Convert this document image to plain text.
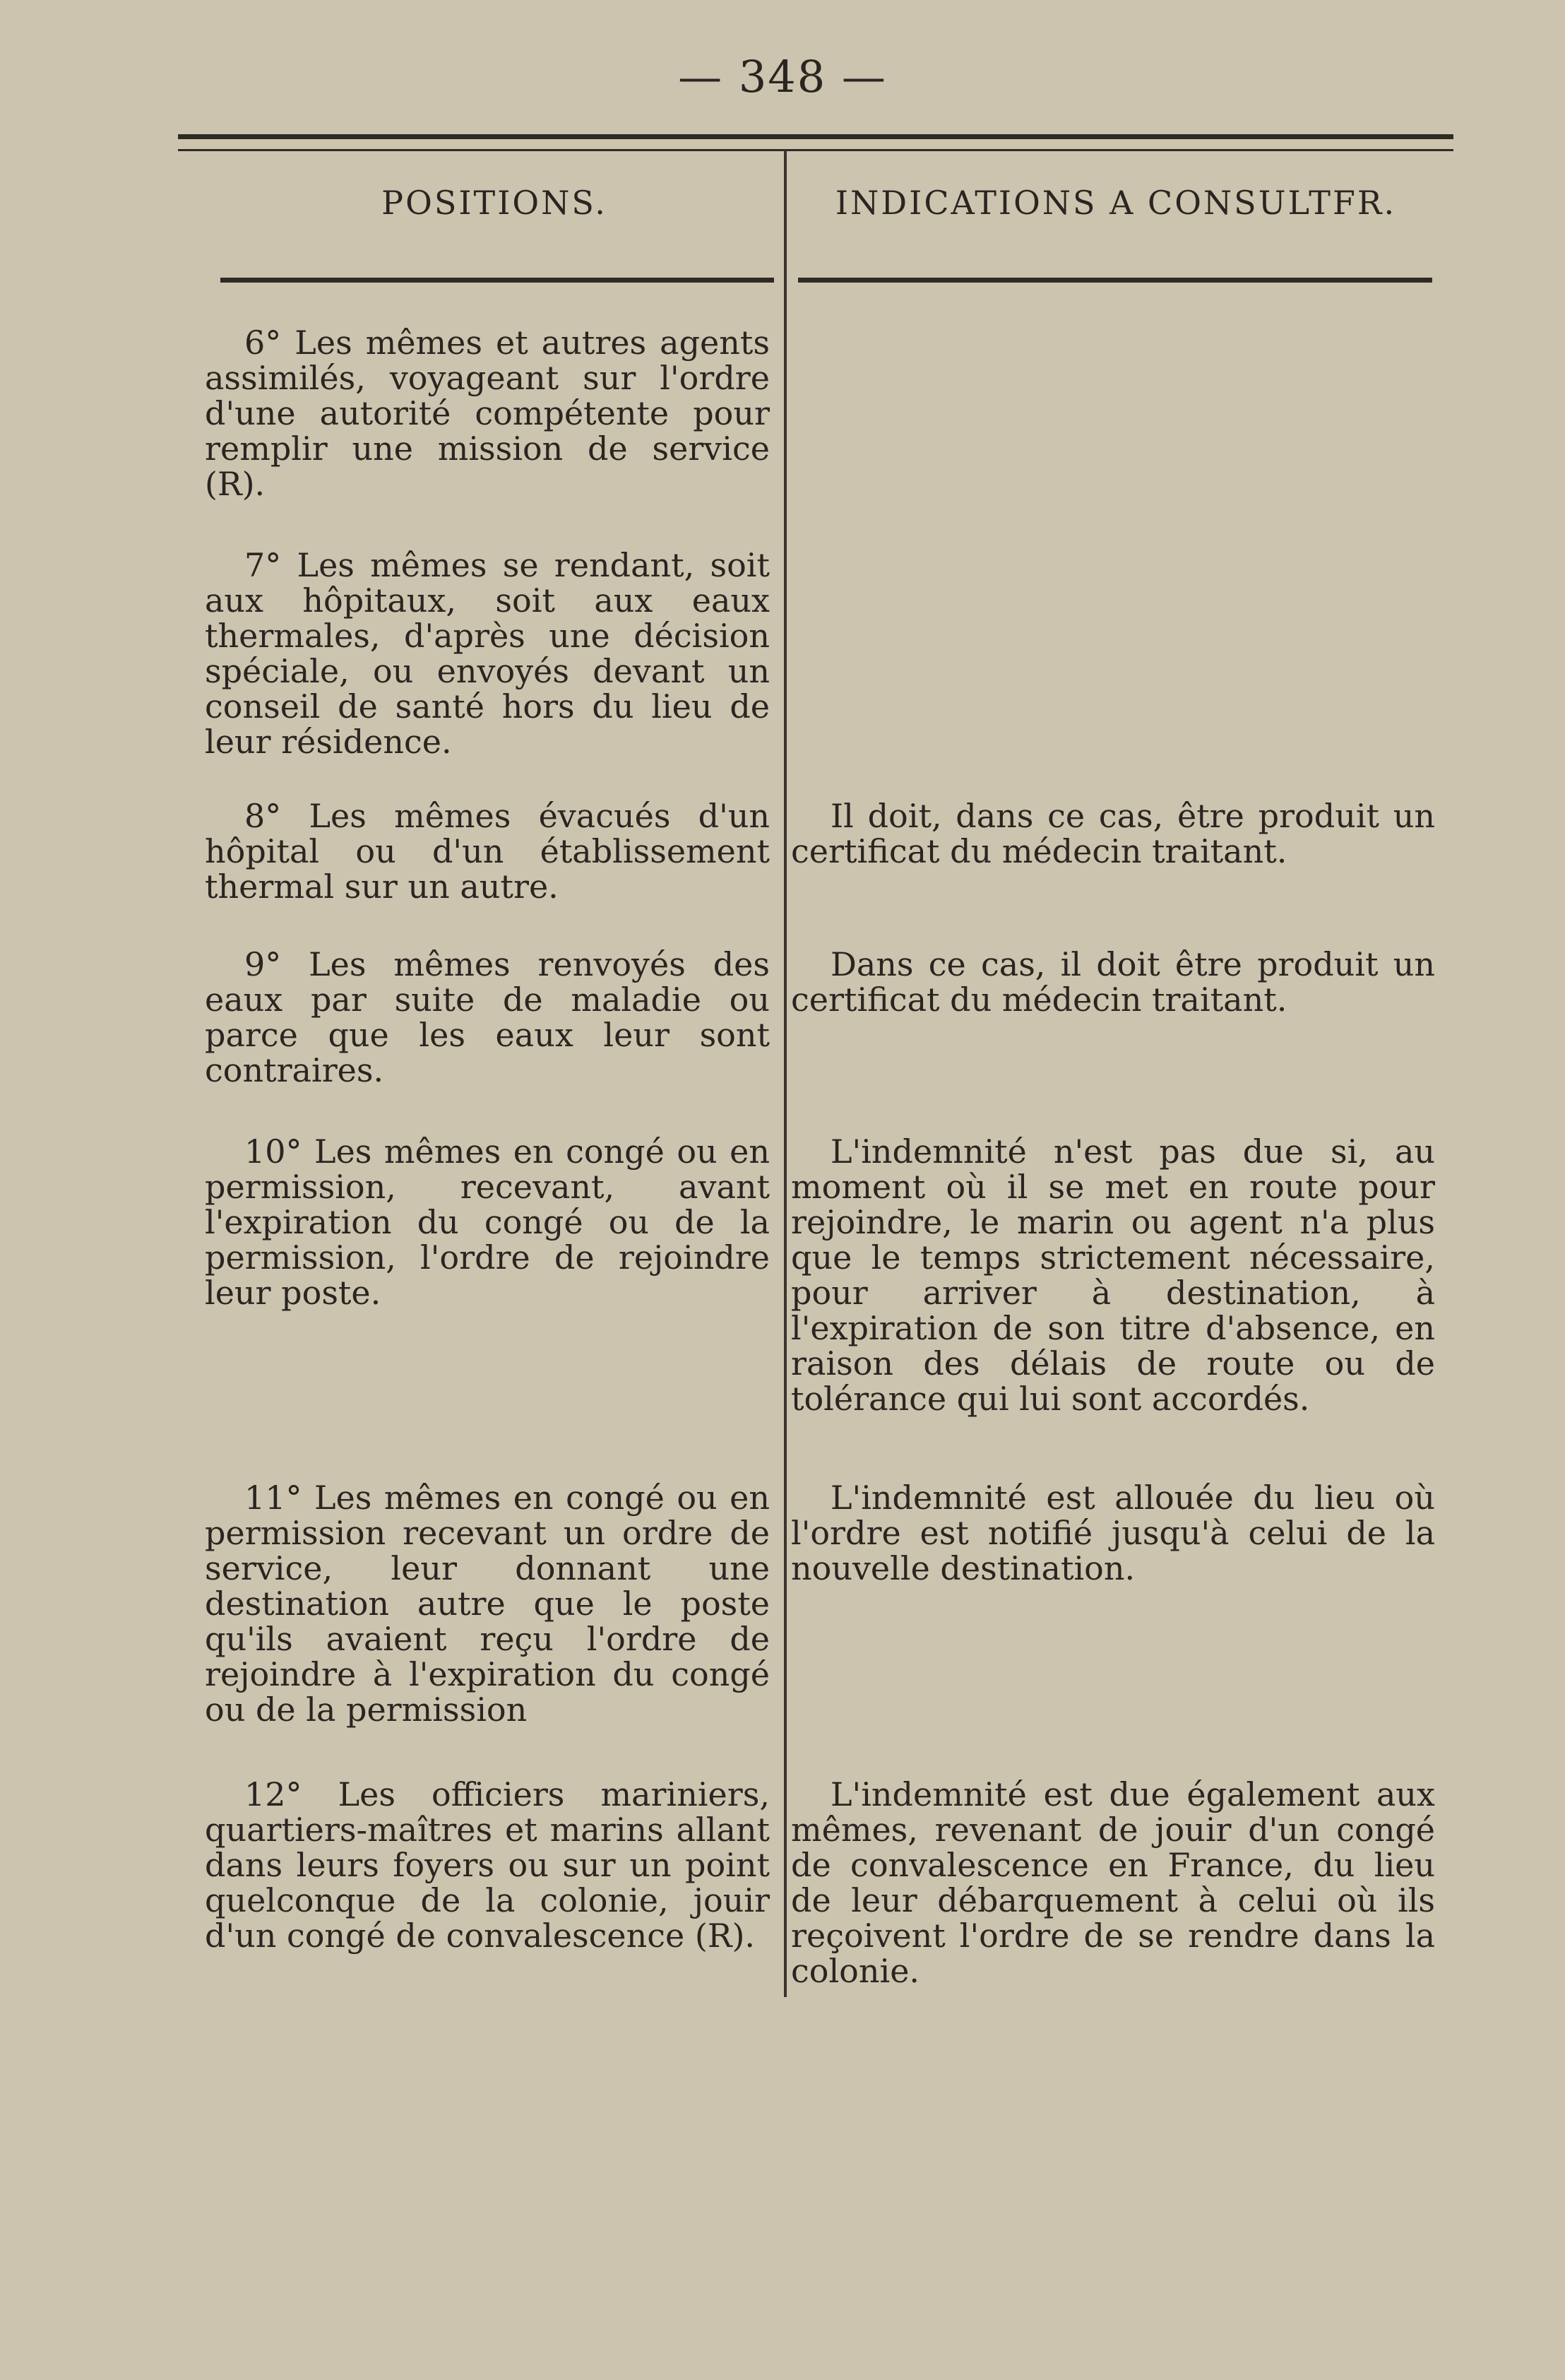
— 348 —
POSITIONS.	INDICATIONS A CONSULTFR.
6° Les mêmes et autres agents assimilés, voyageant sur l'ordre d'une autorité compétente pour remplir une mission de service (R).
7° Les mêmes se rendant, soit aux hôpitaux, soit aux eaux thermales, d'après une décision spéciale, ou envoyés devant un conseil de santé hors du lieu de leur résidence.
8° Les mêmes évacués d'un hôpital ou d'un établissement thermal sur un autre.
Il doit, dans ce cas, être produit un certificat du médecin traitant.
9° Les mêmes renvoyés des eaux par suite de maladie ou parce que les eaux leur sont contraires.
Dans ce cas, il doit être produit un certificat du médecin traitant.
10° Les mêmes en congé ou en permission, recevant, avant l'expiration du congé ou de la permission, l'ordre de rejoindre leur poste.
L'indemnité n'est pas due si, au moment où il se met en route pour rejoindre, le marin ou agent n'a plus que le temps strictement nécessaire, pour arriver à destination, à l'expiration de son titre d'absence, en raison des délais de route ou de tolérance qui lui sont accordés.
11° Les mêmes en congé ou en permission recevant un ordre de service, leur donnant une destination autre que le poste qu'ils avaient reçu l'ordre de rejoindre à l'expiration du congé ou de la permission
L'indemnité est allouée du lieu où l'ordre est notifié jusqu'à celui de la nouvelle destination.
12° Les officiers mariniers, quartiers-maîtres et marins allant dans leurs foyers ou sur un point quelconque de la colonie, jouir d'un congé de convalescence (R).
L'indemnité est due également aux mêmes, revenant de jouir d'un congé de convalescence en France, du lieu de leur débarquement à celui où ils reçoivent l'ordre de se rendre dans la colonie.
